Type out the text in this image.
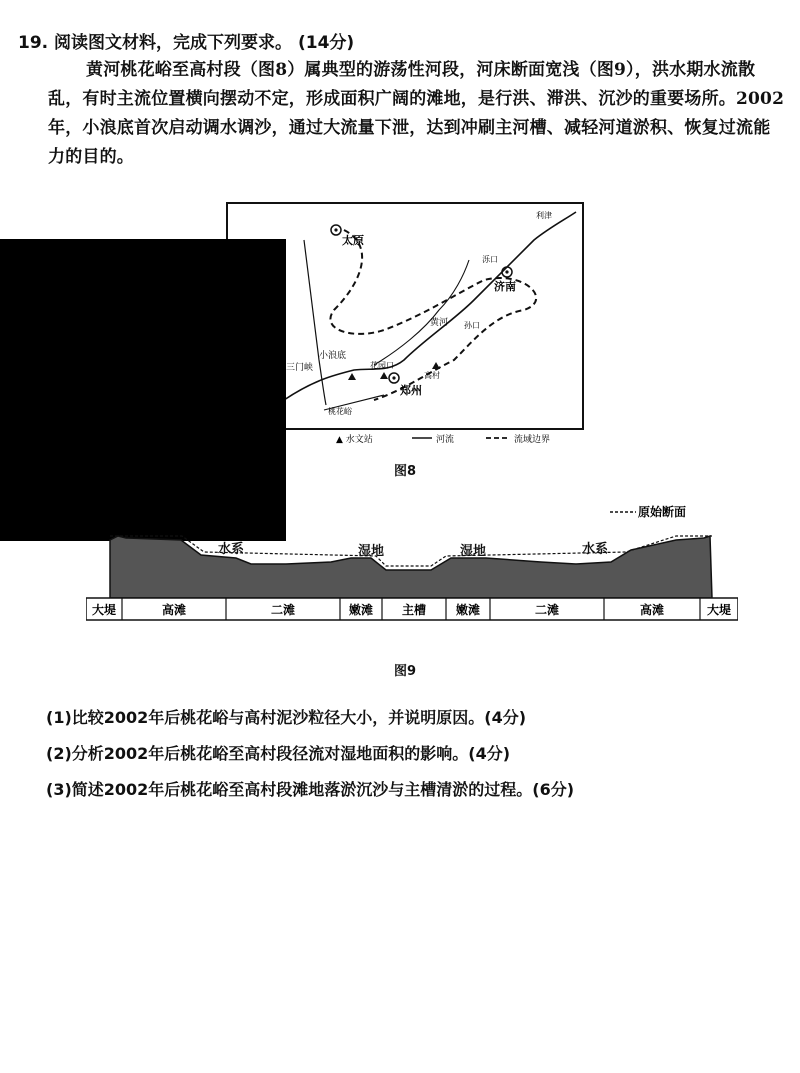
19. 阅读图文材料，完成下列要求。 (14分)
黄河桃花峪至高村段（图8）属典型的游荡性河段，河床断面宽浅（图9），洪水期水流散乱，有时主流位置横向摆动不定，形成面积广阔的滩地，是行洪、滞洪、沉沙的重要场所。2002年，小浪底首次启动调水调沙，通过大流量下泄，达到冲刷主河槽、减轻河道淤积、恢复过流能力的目的。
太原
济南
郑州
三门峡
小浪底
花园口
高村
孙口
利津
泺口
黄河
桃花峪
▲ 水文站	河流	流域边界
图8
原始断面
水系	湿地	湿地	水系
大堤	高滩	二滩	嫩滩 主槽 嫩滩	二滩	高滩	大堤
图9
(1)比较2002年后桃花峪与高村泥沙粒径大小，并说明原因。(4分)
(2)分析2002年后桃花峪至高村段径流对湿地面积的影响。(4分)
(3)简述2002年后桃花峪至高村段滩地落淤沉沙与主槽清淤的过程。(6分)
